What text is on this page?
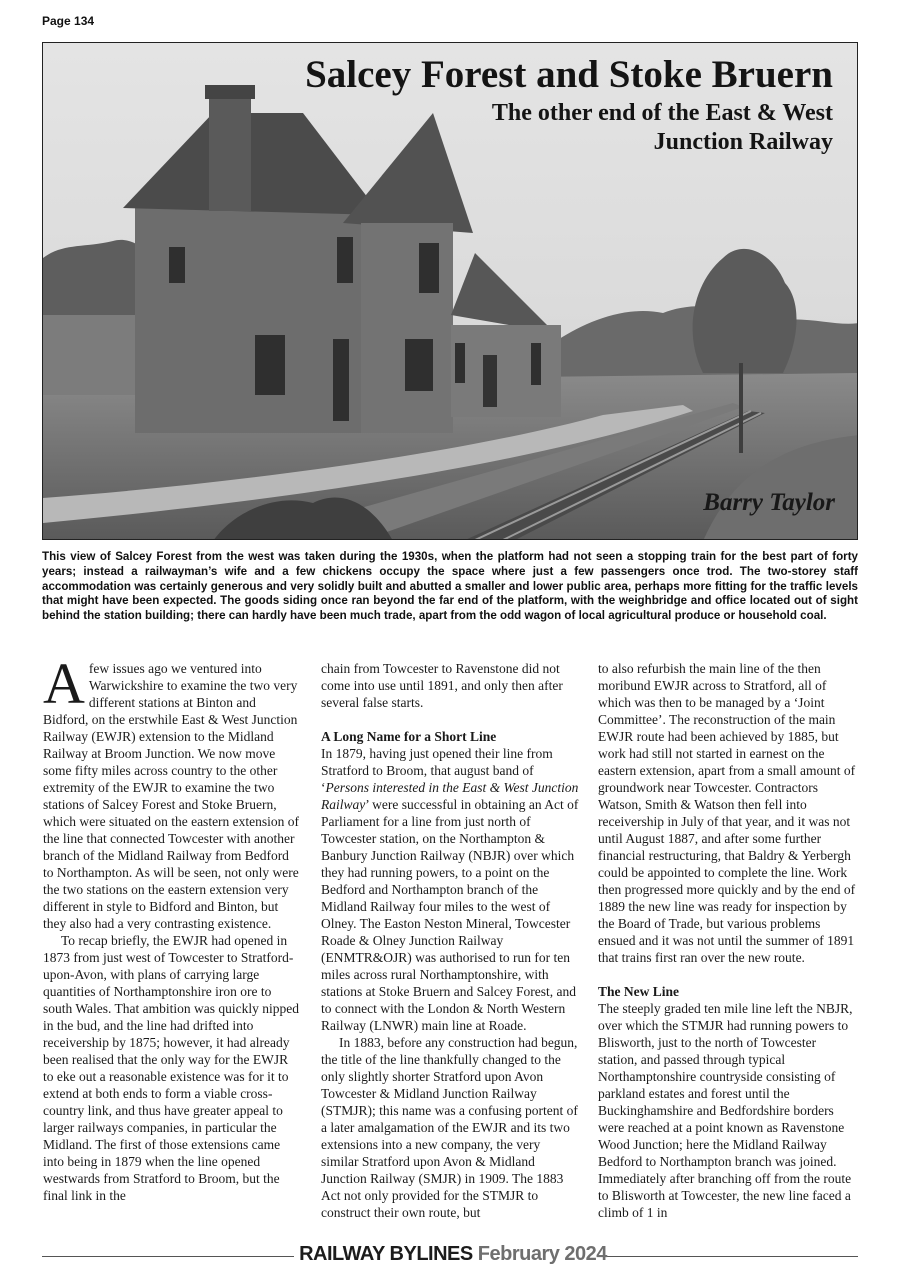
Page 134
Salcey Forest and Stoke Bruern
The other end of the East & West Junction Railway
Barry Taylor

This view of Salcey Forest from the west was taken during the 1930s, when the platform had not seen a stopping train for the best part of forty years; instead a railwayman’s wife and a few chickens occupy the space where just a few passengers once trod. The two-storey staff accommodation was certainly generous and very solidly built and abutted a smaller and lower public area, perhaps more fitting for the traffic levels that might have been expected. The goods siding once ran beyond the far end of the platform, with the weighbridge and office located out of sight behind the station building; there can hardly have been much trade, apart from the odd wagon of local agricultural produce or household coal.

Afew issues ago we ventured into Warwickshire to examine the two very different stations at Binton and Bidford, on the erstwhile East & West Junction Railway (EWJR) extension to the Midland Railway at Broom Junction. We now move some fifty miles across country to the other extremity of the EWJR to examine the two stations of Salcey Forest and Stoke Bruern, which were situated on the eastern extension of the line that connected Towcester with another branch of the Midland Railway from Bedford to Northampton. As will be seen, not only were the two stations on the eastern extension very different in style to Bidford and Binton, but they also had a very contrasting existence.

To recap briefly, the EWJR had opened in 1873 from just west of Towcester to Stratford-upon-Avon, with plans of carrying large quantities of Northamptonshire iron ore to south Wales. That ambition was quickly nipped in the bud, and the line had drifted into receivership by 1875; however, it had already been realised that the only way for the EWJR to eke out a reasonable existence was for it to extend at both ends to form a viable cross-country link, and thus have greater appeal to larger railways companies, in particular the Midland. The first of those extensions came into being in 1879 when the line opened westwards from Stratford to Broom, but the final link in the

chain from Towcester to Ravenstone did not come into use until 1891, and only then after several false starts.

A Long Name for a Short Line

In 1879, having just opened their line from Stratford to Broom, that august band of ‘Persons interested in the East & West Junction Railway’ were successful in obtaining an Act of Parliament for a line from just north of Towcester station, on the Northampton & Banbury Junction Railway (NBJR) over which they had running powers, to a point on the Bedford and Northampton branch of the Midland Railway four miles to the west of Olney. The Easton Neston Mineral, Towcester Roade & Olney Junction Railway (ENMTR&OJR) was authorised to run for ten miles across rural Northamptonshire, with stations at Stoke Bruern and Salcey Forest, and to connect with the London & North Western Railway (LNWR) main line at Roade.

In 1883, before any construction had begun, the title of the line thankfully changed to the only slightly shorter Stratford upon Avon Towcester & Midland Junction Railway (STMJR); this name was a confusing portent of a later amalgamation of the EWJR and its two extensions into a new company, the very similar Stratford upon Avon & Midland Junction Railway (SMJR) in 1909. The 1883 Act not only provided for the STMJR to construct their own route, but

to also refurbish the main line of the then moribund EWJR across to Stratford, all of which was then to be managed by a ‘Joint Committee’. The reconstruction of the main EWJR route had been achieved by 1885, but work had still not started in earnest on the eastern extension, apart from a small amount of groundwork near Towcester. Contractors Watson, Smith & Watson then fell into receivership in July of that year, and it was not until August 1887, and after some further financial restructuring, that Baldry & Yerbergh could be appointed to complete the line. Work then progressed more quickly and by the end of 1889 the new line was ready for inspection by the Board of Trade, but various problems ensued and it was not until the summer of 1891 that trains first ran over the new route.

The New Line

The steeply graded ten mile line left the NBJR, over which the STMJR had running powers to Blisworth, just to the north of Towcester station, and passed through typical Northamptonshire countryside consisting of parkland estates and forest until the Buckinghamshire and Bedfordshire borders were reached at a point known as Ravenstone Wood Junction; here the Midland Railway Bedford to Northampton branch was joined. Immediately after branching off from the route to Blisworth at Towcester, the new line faced a climb of 1 in

RAILWAY BYLINES February 2024
